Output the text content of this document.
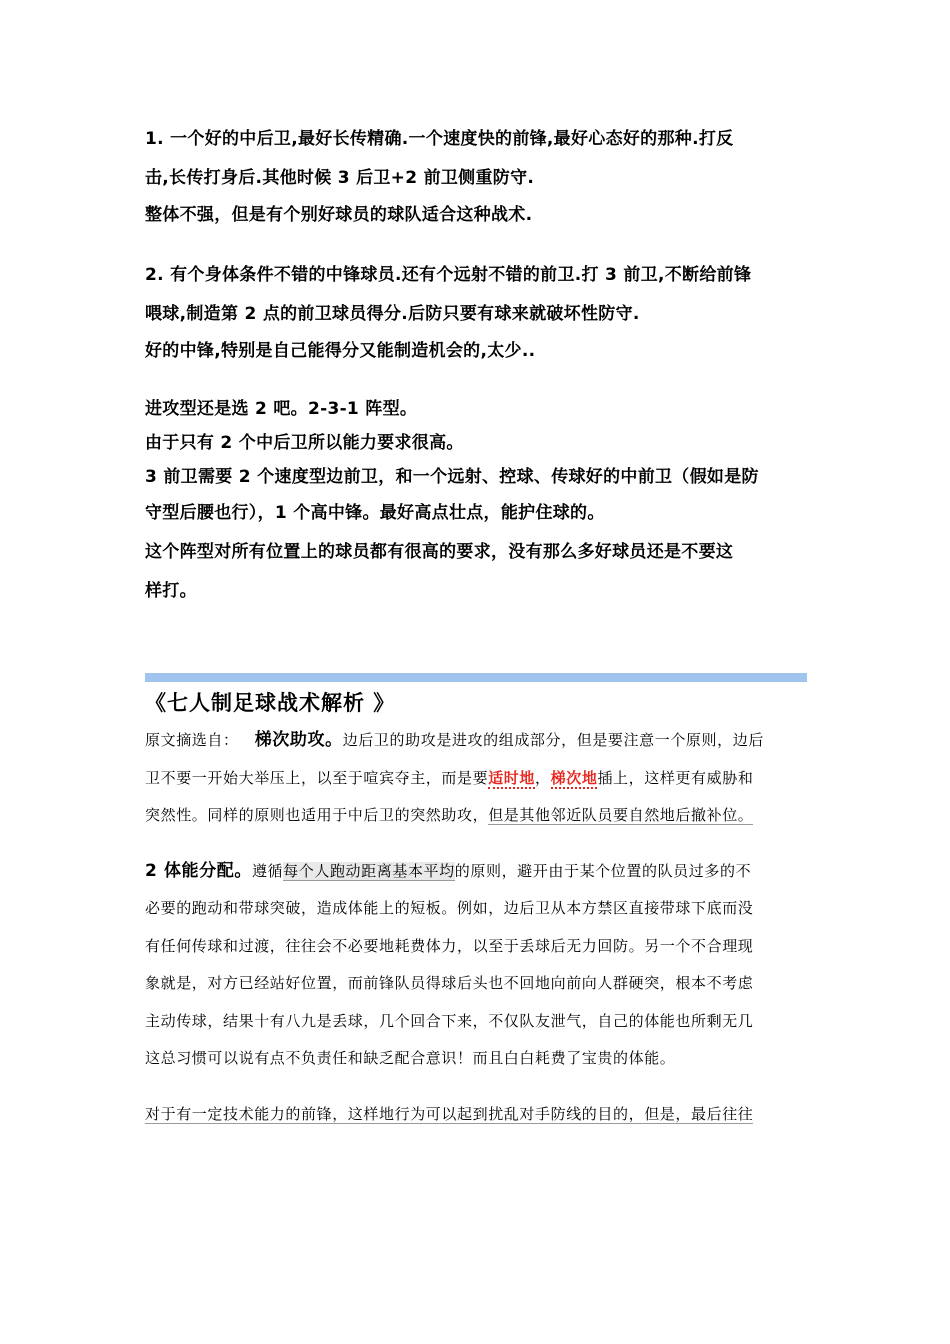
1. 一个好的中后卫,最好长传精确.一个速度快的前锋,最好心态好的那种.打反

击,长传打身后.其他时候 3 后卫+2 前卫侧重防守.

整体不强，但是有个别好球员的球队适合这种战术.

2. 有个身体条件不错的中锋球员.还有个远射不错的前卫.打 3 前卫,不断给前锋

喂球,制造第 2 点的前卫球员得分.后防只要有球来就破坏性防守.

好的中锋,特别是自己能得分又能制造机会的,太少..

进攻型还是选 2 吧。2-3-1 阵型。

由于只有 2 个中后卫所以能力要求很高。

3 前卫需要 2 个速度型边前卫，和一个远射、控球、传球好的中前卫（假如是防

守型后腰也行），1 个高中锋。最好高点壮点，能护住球的。

这个阵型对所有位置上的球员都有很高的要求，没有那么多好球员还是不要这

样打。

《七人制足球战术解析 》

原文摘选自： 梯次助攻。边后卫的助攻是进攻的组成部分，但是要注意一个原则，边后

卫不要一开始大举压上，以至于喧宾夺主，而是要适时地，梯次地插上，这样更有威胁和

突然性。同样的原则也适用于中后卫的突然助攻，但是其他邻近队员要自然地后撤补位。

2 体能分配。遵循每个人跑动距离基本平均的原则，避开由于某个位置的队员过多的不

必要的跑动和带球突破，造成体能上的短板。例如，边后卫从本方禁区直接带球下底而没

有任何传球和过渡，往往会不必要地耗费体力，以至于丢球后无力回防。另一个不合理现

象就是，对方已经站好位置，而前锋队员得球后头也不回地向前向人群硬突，根本不考虑

主动传球，结果十有八九是丢球，几个回合下来，不仅队友泄气，自己的体能也所剩无几

这总习惯可以说有点不负责任和缺乏配合意识！而且白白耗费了宝贵的体能。

对于有一定技术能力的前锋，这样地行为可以起到扰乱对手防线的目的，但是，最后往往
